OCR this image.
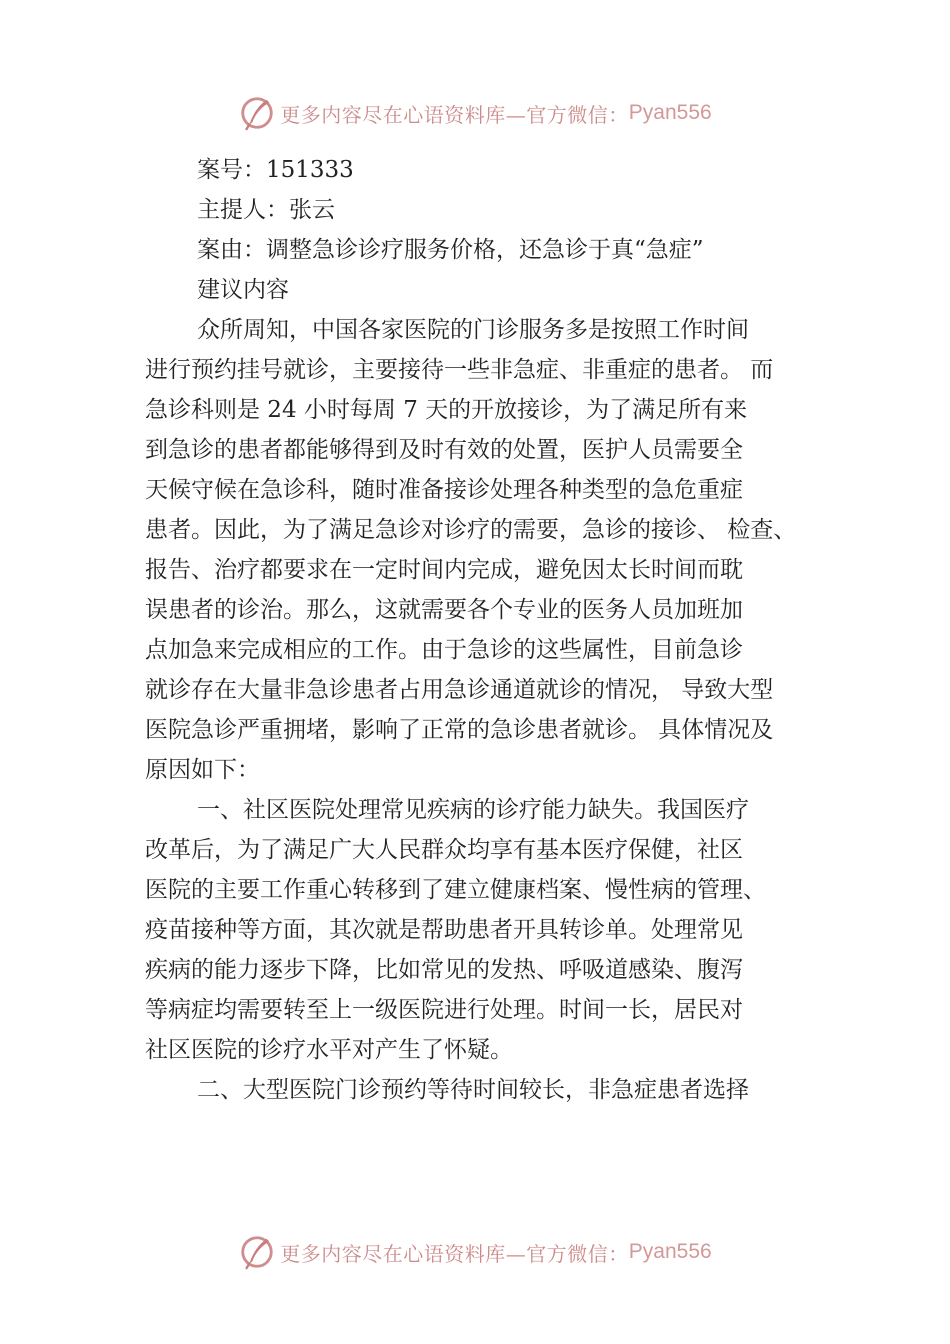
更多内容尽在心语资料库—官方微信： Pyan556

案号：151333

主提人：张云

案由：调整急诊诊疗服务价格，还急诊于真“急症”

建议内容

众所周知，中国各家医院的门诊服务多是按照工作时间

进行预约挂号就诊，主要接待一些非急症、非重症的患者。 而

急诊科则是 24 小时每周 7 天的开放接诊，为了满足所有来

到急诊的患者都能够得到及时有效的处置，医护人员需要全

天候守候在急诊科，随时准备接诊处理各种类型的急危重症

患者。因此，为了满足急诊对诊疗的需要，急诊的接诊、 检查、

报告、治疗都要求在一定时间内完成，避免因太长时间而耽

误患者的诊治。那么，这就需要各个专业的医务人员加班加

点加急来完成相应的工作。由于急诊的这些属性，目前急诊

就诊存在大量非急诊患者占用急诊通道就诊的情况， 导致大型

医院急诊严重拥堵，影响了正常的急诊患者就诊。 具体情况及

原因如下：

一、社区医院处理常见疾病的诊疗能力缺失。我国医疗

改革后，为了满足广大人民群众均享有基本医疗保健，社区

医院的主要工作重心转移到了建立健康档案、慢性病的管理、

疫苗接种等方面，其次就是帮助患者开具转诊单。处理常见

疾病的能力逐步下降，比如常见的发热、呼吸道感染、腹泻

等病症均需要转至上一级医院进行处理。时间一长，居民对

社区医院的诊疗水平对产生了怀疑。

二、大型医院门诊预约等待时间较长，非急症患者选择

更多内容尽在心语资料库—官方微信： Pyan556
